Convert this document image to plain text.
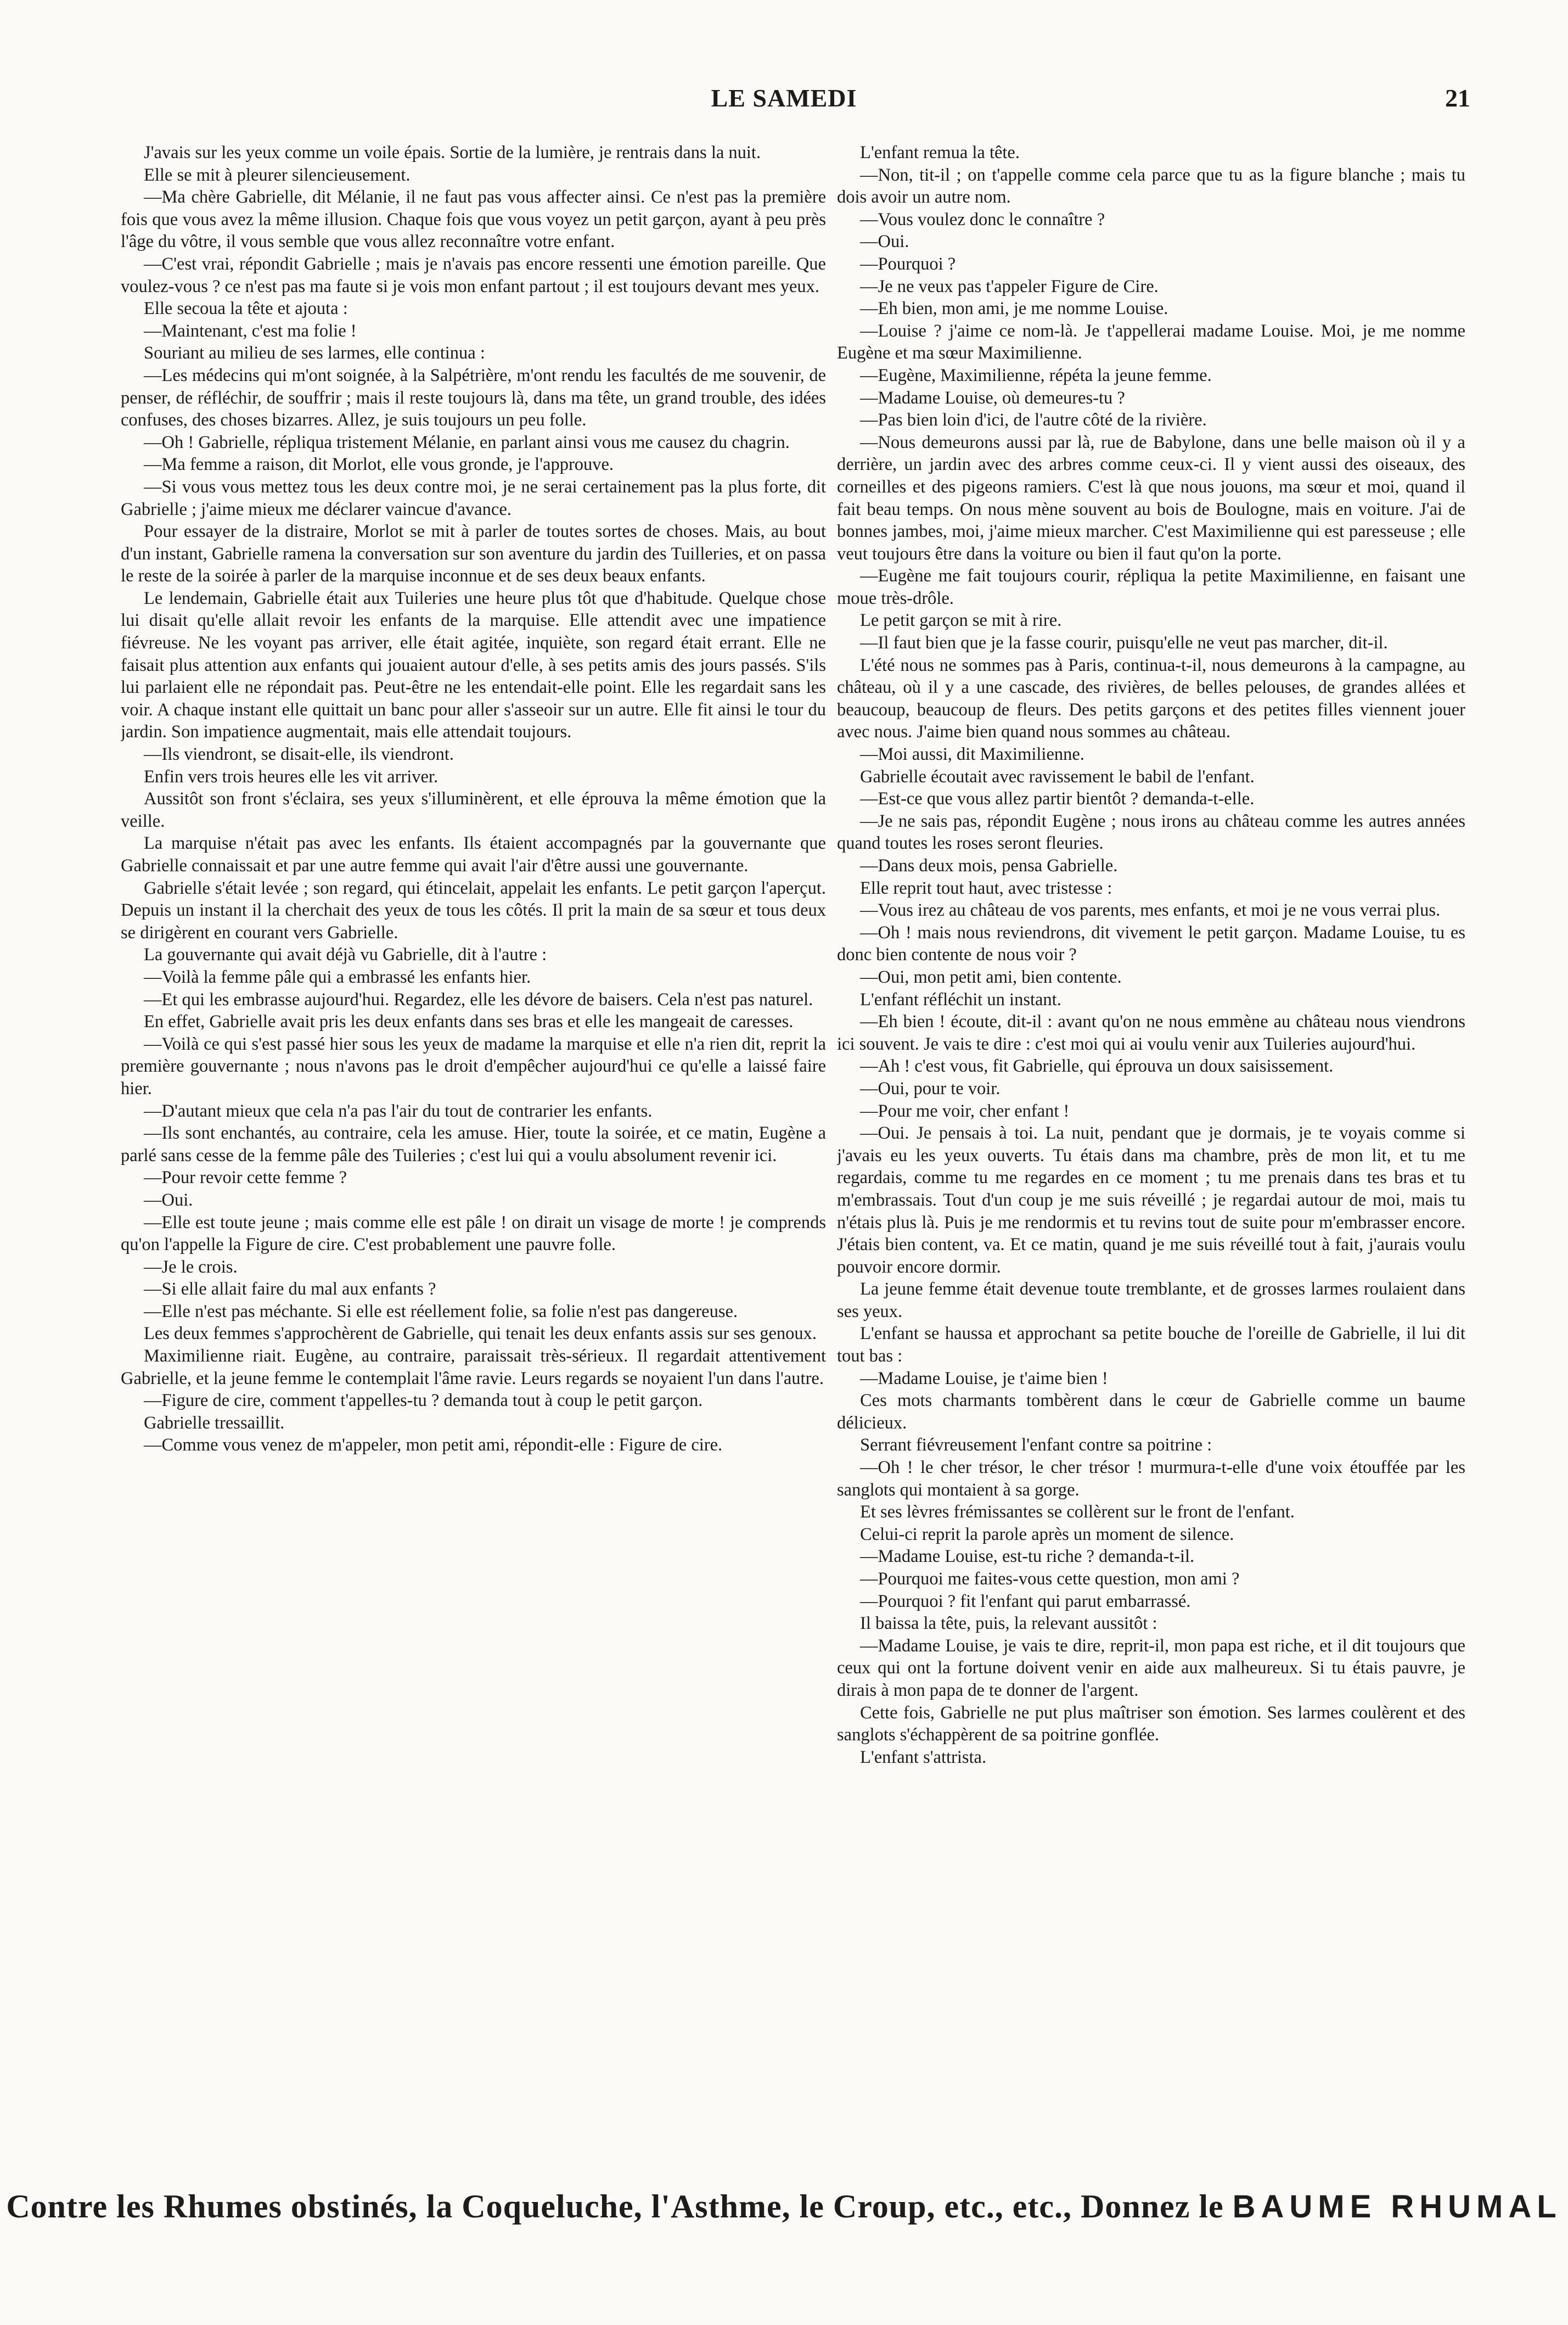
LE SAMEDI	21

J'avais sur les yeux comme un voile épais. Sortie de la lumière, je rentrais dans la nuit.

Elle se mit à pleurer silencieusement.

—Ma chère Gabrielle, dit Mélanie, il ne faut pas vous affecter ainsi. Ce n'est pas la première fois que vous avez la même illusion. Chaque fois que vous voyez un petit garçon, ayant à peu près l'âge du vôtre, il vous semble que vous allez reconnaître votre enfant.

—C'est vrai, répondit Gabrielle ; mais je n'avais pas encore ressenti une émotion pareille. Que voulez-vous ? ce n'est pas ma faute si je vois mon enfant partout ; il est toujours devant mes yeux.

Elle secoua la tête et ajouta :

—Maintenant, c'est ma folie !

Souriant au milieu de ses larmes, elle continua :

—Les médecins qui m'ont soignée, à la Salpétrière, m'ont rendu les facultés de me souvenir, de penser, de réfléchir, de souffrir ; mais il reste toujours là, dans ma tête, un grand trouble, des idées confuses, des choses bizarres. Allez, je suis toujours un peu folle.

—Oh ! Gabrielle, répliqua tristement Mélanie, en parlant ainsi vous me causez du chagrin.

—Ma femme a raison, dit Morlot, elle vous gronde, je l'approuve.

—Si vous vous mettez tous les deux contre moi, je ne serai certainement pas la plus forte, dit Gabrielle ; j'aime mieux me déclarer vaincue d'avance.

Pour essayer de la distraire, Morlot se mit à parler de toutes sortes de choses. Mais, au bout d'un instant, Gabrielle ramena la conversation sur son aventure du jardin des Tuilleries, et on passa le reste de la soirée à parler de la marquise inconnue et de ses deux beaux enfants.

Le lendemain, Gabrielle était aux Tuileries une heure plus tôt que d'habitude. Quelque chose lui disait qu'elle allait revoir les enfants de la marquise. Elle attendit avec une impatience fiévreuse. Ne les voyant pas arriver, elle était agitée, inquiète, son regard était errant. Elle ne faisait plus attention aux enfants qui jouaient autour d'elle, à ses petits amis des jours passés. S'ils lui parlaient elle ne répondait pas. Peut-être ne les entendait-elle point. Elle les regardait sans les voir. A chaque instant elle quittait un banc pour aller s'asseoir sur un autre. Elle fit ainsi le tour du jardin. Son impatience augmentait, mais elle attendait toujours.

—Ils viendront, se disait-elle, ils viendront.

Enfin vers trois heures elle les vit arriver.

Aussitôt son front s'éclaira, ses yeux s'illuminèrent, et elle éprouva la même émotion que la veille.

La marquise n'était pas avec les enfants. Ils étaient accompagnés par la gouvernante que Gabrielle connaissait et par une autre femme qui avait l'air d'être aussi une gouvernante.

Gabrielle s'était levée ; son regard, qui étincelait, appelait les enfants. Le petit garçon l'aperçut. Depuis un instant il la cherchait des yeux de tous les côtés. Il prit la main de sa sœur et tous deux se dirigèrent en courant vers Gabrielle.

La gouvernante qui avait déjà vu Gabrielle, dit à l'autre :

—Voilà la femme pâle qui a embrassé les enfants hier.

—Et qui les embrasse aujourd'hui. Regardez, elle les dévore de baisers. Cela n'est pas naturel.

En effet, Gabrielle avait pris les deux enfants dans ses bras et elle les mangeait de caresses.

—Voilà ce qui s'est passé hier sous les yeux de madame la marquise et elle n'a rien dit, reprit la première gouvernante ; nous n'avons pas le droit d'empêcher aujourd'hui ce qu'elle a laissé faire hier.

—D'autant mieux que cela n'a pas l'air du tout de contrarier les enfants.

—Ils sont enchantés, au contraire, cela les amuse. Hier, toute la soirée, et ce matin, Eugène a parlé sans cesse de la femme pâle des Tuileries ; c'est lui qui a voulu absolument revenir ici.

—Pour revoir cette femme ?

—Oui.

—Elle est toute jeune ; mais comme elle est pâle ! on dirait un visage de morte ! je comprends qu'on l'appelle la Figure de cire. C'est probablement une pauvre folle.

—Je le crois.

—Si elle allait faire du mal aux enfants ?

—Elle n'est pas méchante. Si elle est réellement folie, sa folie n'est pas dangereuse.

Les deux femmes s'approchèrent de Gabrielle, qui tenait les deux enfants assis sur ses genoux.

Maximilienne riait. Eugène, au contraire, paraissait très-sérieux. Il regardait attentivement Gabrielle, et la jeune femme le contemplait l'âme ravie. Leurs regards se noyaient l'un dans l'autre.

—Figure de cire, comment t'appelles-tu ? demanda tout à coup le petit garçon.

Gabrielle tressaillit.

—Comme vous venez de m'appeler, mon petit ami, répondit-elle : Figure de cire.

L'enfant remua la tête.

—Non, tit-il ; on t'appelle comme cela parce que tu as la figure blanche ; mais tu dois avoir un autre nom.

—Vous voulez donc le connaître ?

—Oui.

—Pourquoi ?

—Je ne veux pas t'appeler Figure de Cire.

—Eh bien, mon ami, je me nomme Louise.

—Louise ? j'aime ce nom-là. Je t'appellerai madame Louise. Moi, je me nomme Eugène et ma sœur Maximilienne.

—Eugène, Maximilienne, répéta la jeune femme.

—Madame Louise, où demeures-tu ?

—Pas bien loin d'ici, de l'autre côté de la rivière.

—Nous demeurons aussi par là, rue de Babylone, dans une belle maison où il y a derrière, un jardin avec des arbres comme ceux-ci. Il y vient aussi des oiseaux, des corneilles et des pigeons ramiers. C'est là que nous jouons, ma sœur et moi, quand il fait beau temps. On nous mène souvent au bois de Boulogne, mais en voiture. J'ai de bonnes jambes, moi, j'aime mieux marcher. C'est Maximilienne qui est paresseuse ; elle veut toujours être dans la voiture ou bien il faut qu'on la porte.

—Eugène me fait toujours courir, répliqua la petite Maximilienne, en faisant une moue très-drôle.

Le petit garçon se mit à rire.

—Il faut bien que je la fasse courir, puisqu'elle ne veut pas marcher, dit-il.

L'été nous ne sommes pas à Paris, continua-t-il, nous demeurons à la campagne, au château, où il y a une cascade, des rivières, de belles pelouses, de grandes allées et beaucoup, beaucoup de fleurs. Des petits garçons et des petites filles viennent jouer avec nous. J'aime bien quand nous sommes au château.

—Moi aussi, dit Maximilienne.

Gabrielle écoutait avec ravissement le babil de l'enfant.

—Est-ce que vous allez partir bientôt ? demanda-t-elle.

—Je ne sais pas, répondit Eugène ; nous irons au château comme les autres années quand toutes les roses seront fleuries.

—Dans deux mois, pensa Gabrielle.

Elle reprit tout haut, avec tristesse :

—Vous irez au château de vos parents, mes enfants, et moi je ne vous verrai plus.

—Oh ! mais nous reviendrons, dit vivement le petit garçon. Madame Louise, tu es donc bien contente de nous voir ?

—Oui, mon petit ami, bien contente.

L'enfant réfléchit un instant.

—Eh bien ! écoute, dit-il : avant qu'on ne nous emmène au château nous viendrons ici souvent. Je vais te dire : c'est moi qui ai voulu venir aux Tuileries aujourd'hui.

—Ah ! c'est vous, fit Gabrielle, qui éprouva un doux saisissement.

—Oui, pour te voir.

—Pour me voir, cher enfant !

—Oui. Je pensais à toi. La nuit, pendant que je dormais, je te voyais comme si j'avais eu les yeux ouverts. Tu étais dans ma chambre, près de mon lit, et tu me regardais, comme tu me regardes en ce moment ; tu me prenais dans tes bras et tu m'embrassais. Tout d'un coup je me suis réveillé ; je regardai autour de moi, mais tu n'étais plus là. Puis je me rendormis et tu revins tout de suite pour m'embrasser encore. J'étais bien content, va. Et ce matin, quand je me suis réveillé tout à fait, j'aurais voulu pouvoir encore dormir.

La jeune femme était devenue toute tremblante, et de grosses larmes roulaient dans ses yeux.

L'enfant se haussa et approchant sa petite bouche de l'oreille de Gabrielle, il lui dit tout bas :

—Madame Louise, je t'aime bien !

Ces mots charmants tombèrent dans le cœur de Gabrielle comme un baume délicieux.

Serrant fiévreusement l'enfant contre sa poitrine :

—Oh ! le cher trésor, le cher trésor ! murmura-t-elle d'une voix étouffée par les sanglots qui montaient à sa gorge.

Et ses lèvres frémissantes se collèrent sur le front de l'enfant.

Celui-ci reprit la parole après un moment de silence.

—Madame Louise, est-tu riche ? demanda-t-il.

—Pourquoi me faites-vous cette question, mon ami ?

—Pourquoi ? fit l'enfant qui parut embarrassé.

Il baissa la tête, puis, la relevant aussitôt :

—Madame Louise, je vais te dire, reprit-il, mon papa est riche, et il dit toujours que ceux qui ont la fortune doivent venir en aide aux malheureux. Si tu étais pauvre, je dirais à mon papa de te donner de l'argent.

Cette fois, Gabrielle ne put plus maîtriser son émotion. Ses larmes coulèrent et des sanglots s'échappèrent de sa poitrine gonflée.

L'enfant s'attrista.

Contre les Rhumes obstinés, la Coqueluche, l'Asthme, le Croup, etc., etc., Donnez le BAUME RHUMAL
